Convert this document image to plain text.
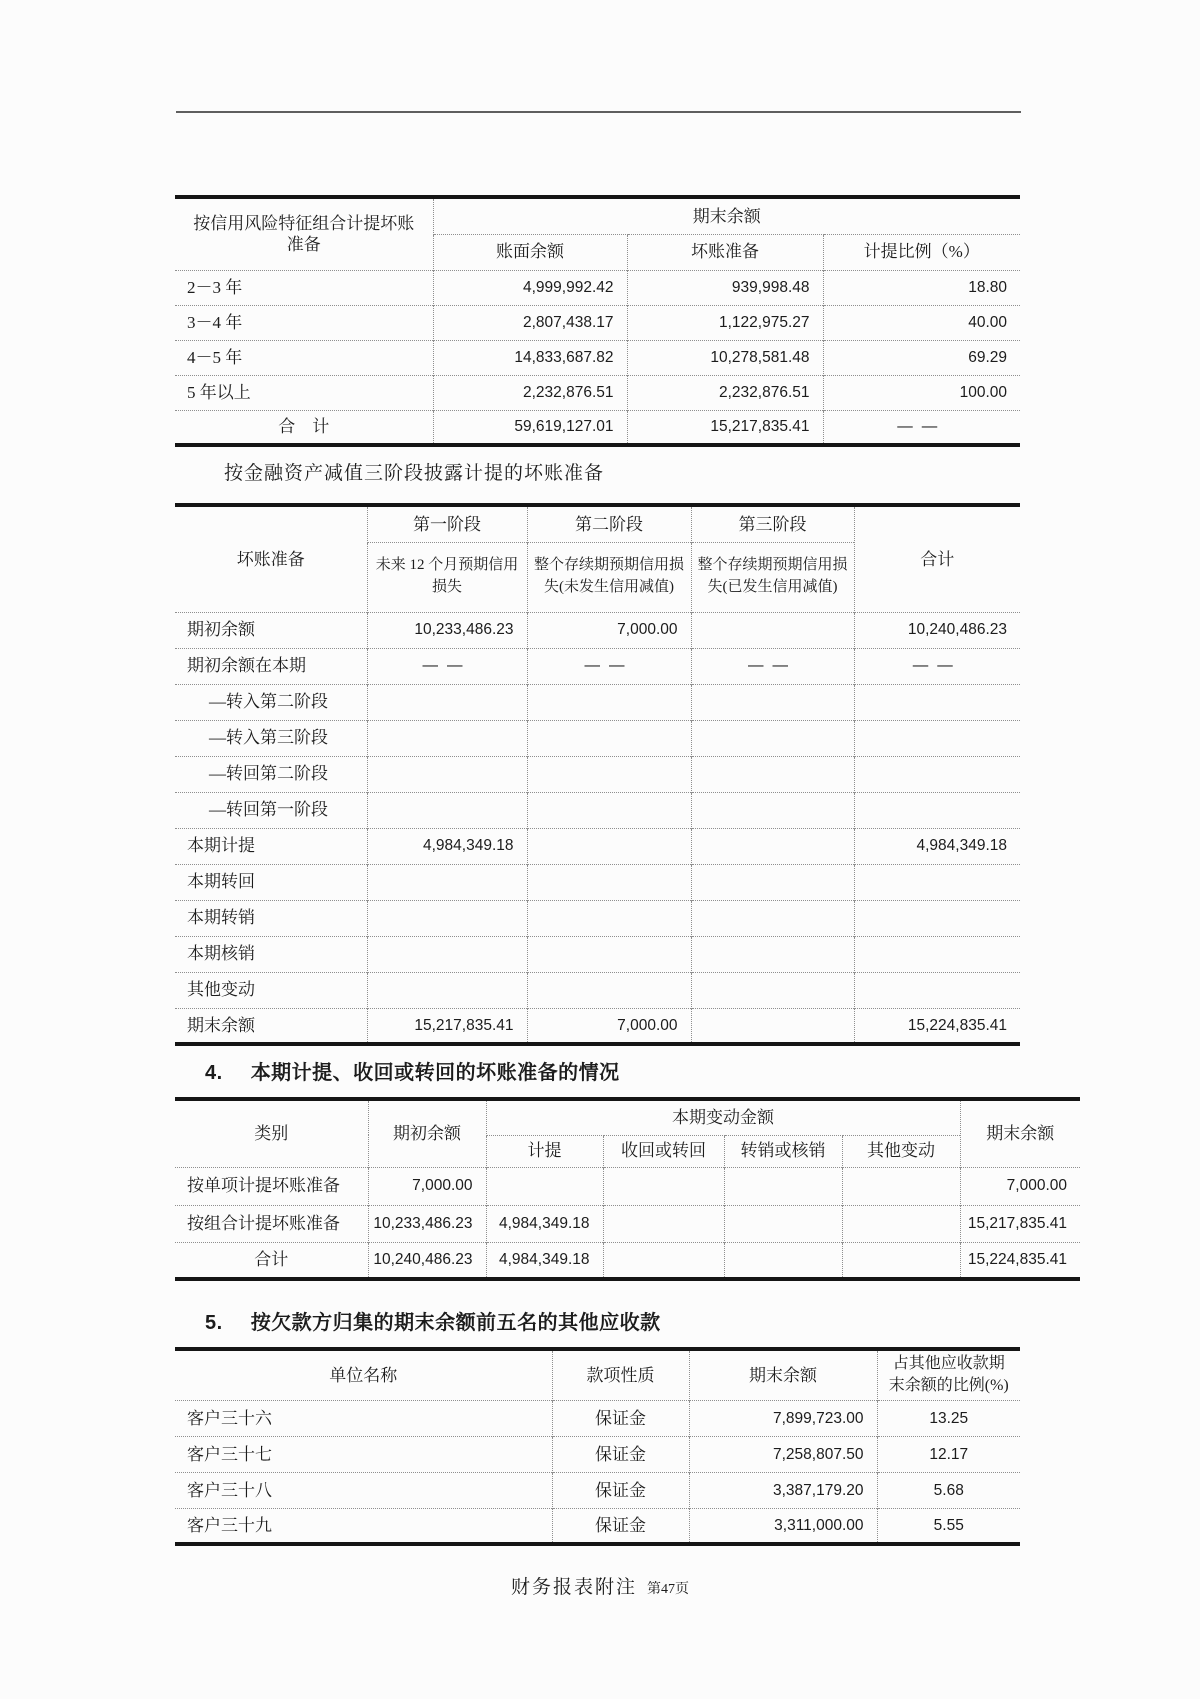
按信用风险特征组合计提坏账准备	期末余额		
	账面余额	坏账准备	计提比例（%）
2－3 年	4,999,992.42	939,998.48	18.80
3－4 年	2,807,438.17	1,122,975.27	40.00
4－5 年	14,833,687.82	10,278,581.48	69.29
5 年以上	2,232,876.51	2,232,876.51	100.00
合　计	59,619,127.01	15,217,835.41	——
按金融资产减值三阶段披露计提的坏账准备
坏账准备	第一阶段	第二阶段	第三阶段	合计
	未来 12 个月预期信用损失	整个存续期预期信用损失(未发生信用减值)	整个存续期预期信用损失(已发生信用减值)	
期初余额	10,233,486.23	7,000.00		10,240,486.23
期初余额在本期	——	——	——	——
—转入第二阶段				
—转入第三阶段				
—转回第二阶段				
—转回第一阶段				
本期计提	4,984,349.18			4,984,349.18
本期转回				
本期转销				
本期核销				
其他变动				
期末余额	15,217,835.41	7,000.00		15,224,835.41
4. 本期计提、收回或转回的坏账准备的情况
类别	期初余额	本期变动金额				期末余额
		计提	收回或转回	转销或核销	其他变动	
按单项计提坏账准备	7,000.00					7,000.00
按组合计提坏账准备	10,233,486.23	4,984,349.18				15,217,835.41
合计	10,240,486.23	4,984,349.18				15,224,835.41
5. 按欠款方归集的期末余额前五名的其他应收款
单位名称	款项性质	期末余额	占其他应收款期末余额的比例(%)
客户三十六	保证金	7,899,723.00	13.25
客户三十七	保证金	7,258,807.50	12.17
客户三十八	保证金	3,387,179.20	5.68
客户三十九	保证金	3,311,000.00	5.55
财务报表附注 第47页
